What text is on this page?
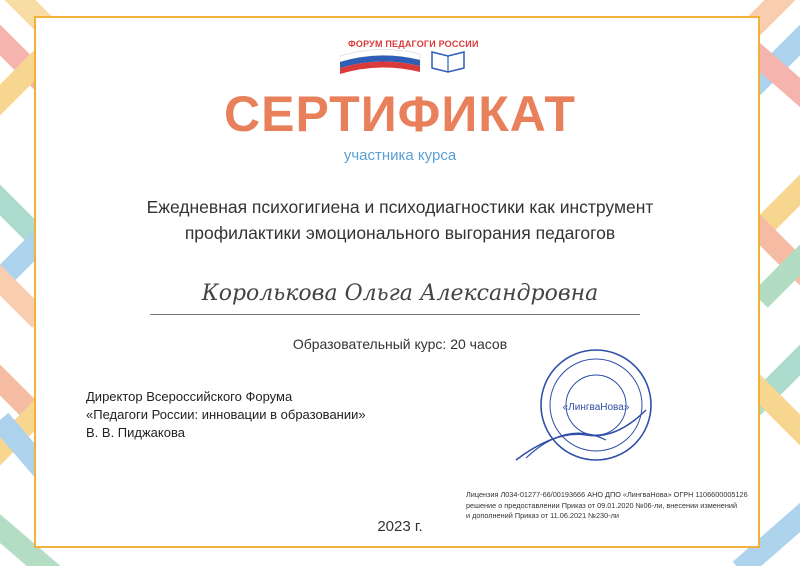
ФОРУМ ПЕДАГОГИ РОССИИ
СЕРТИФИКАТ
участника курса
Ежедневная психогигиена и психодиагностики как инструмент
профилактики эмоционального выгорания педагогов
Королькова Ольга Александровна
Образовательный курс: 20 часов
Директор Всероссийского Форума
«Педагоги России: инновации в образовании»
В. В. Пиджакова
«ЛингваНова»
Лицензия Л034-01277-66/00193666 АНО ДПО «ЛингваНова» ОГРН 1106600005126
решение о предоставлении Приказ от 09.01.2020 №06-ли, внесении изменений
и дополнений Приказ от 11.06.2021 №230-ли
2023 г.
